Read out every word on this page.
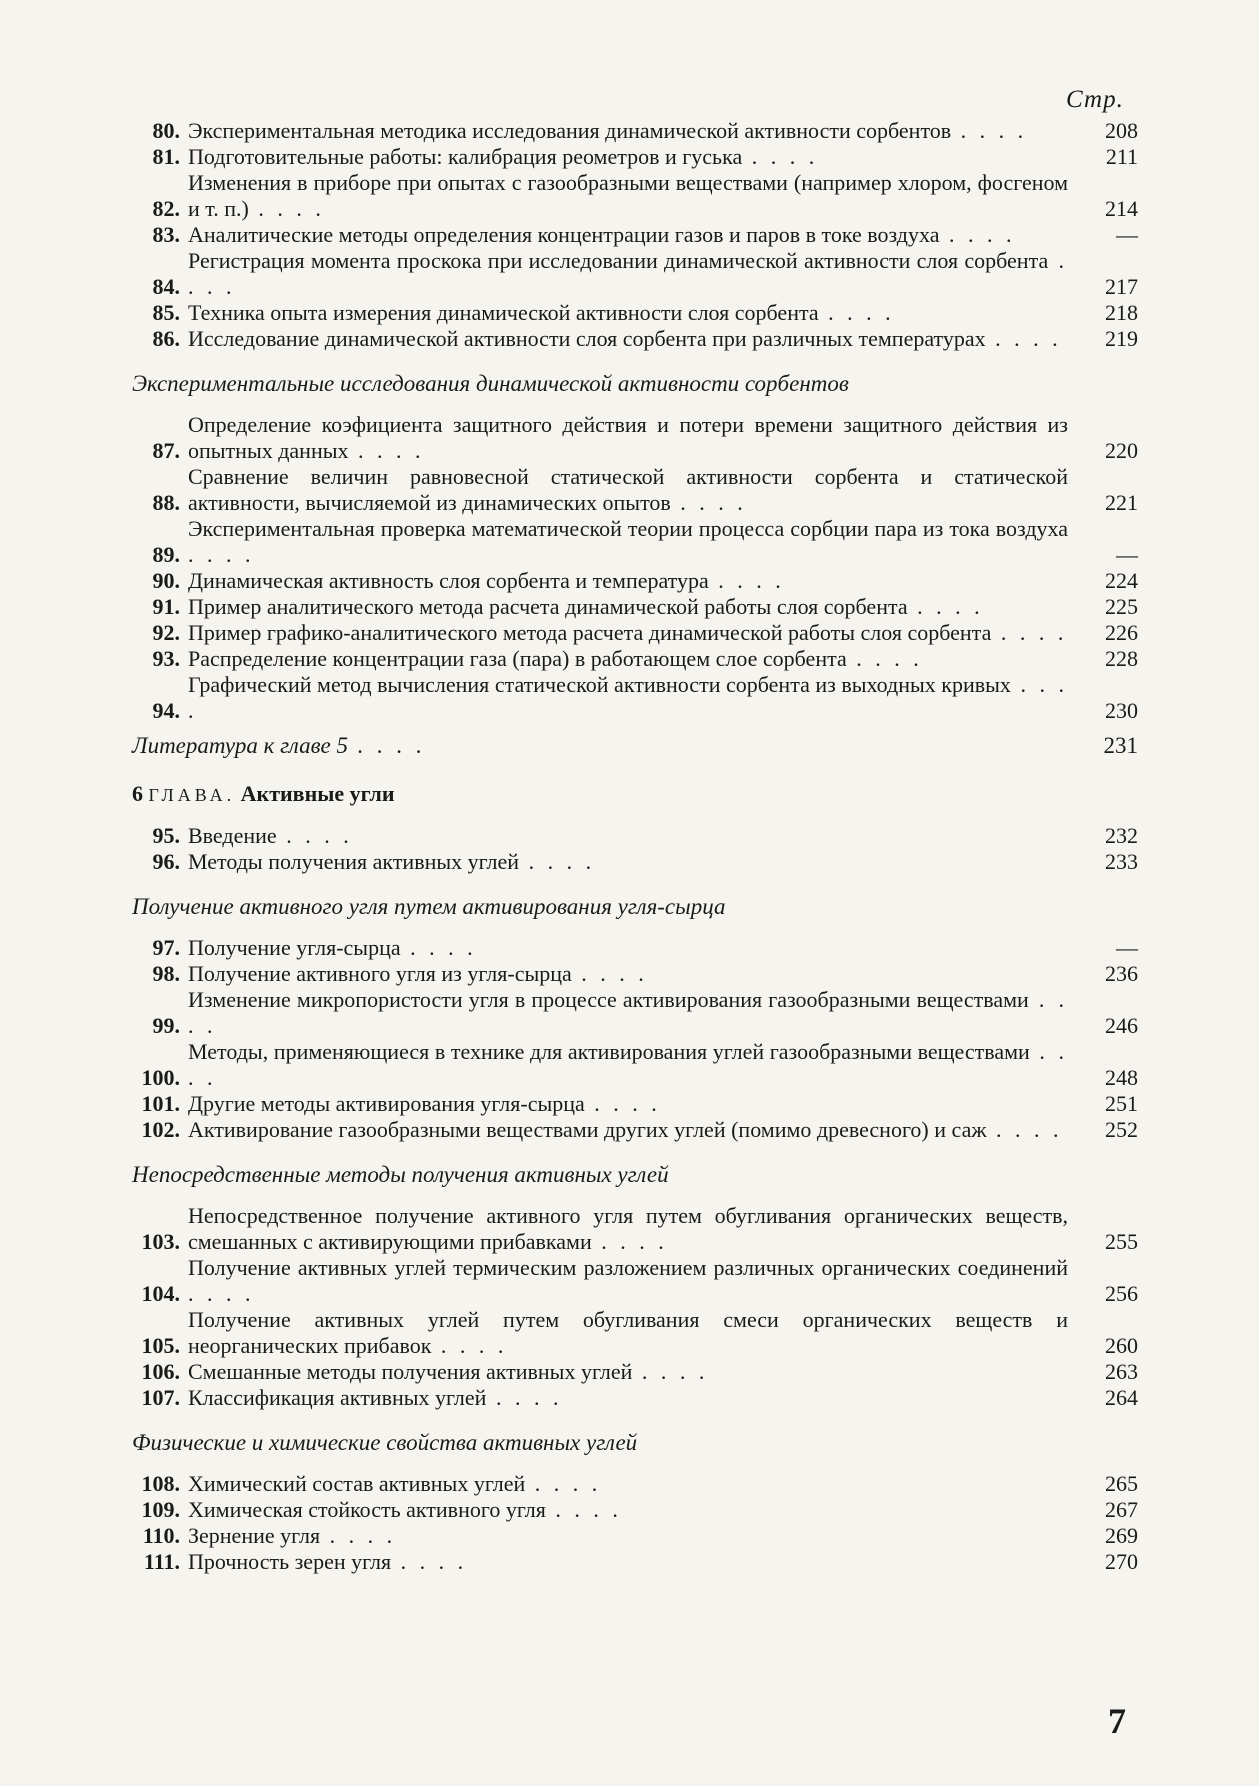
Стр.
80. Экспериментальная методика исследования динамической активности сорбентов . . . .	208
81. Подготовительные работы: калибрация реометров и гуська . . . .	211
82.
Изменения в приборе при опытах с газообразными веществами (например хлором, фосгеном и т. п.) . . . .	214
83. Аналитические методы определения концентрации газов и паров в токе воздуха . . . .	—
84.
Регистрация момента проскока при исследовании динамической активности слоя сорбента . . . .	217
85. Техника опыта измерения динамической активности слоя сорбента . . . .	218
86. Исследование динамической активности слоя сорбента при различных температурах . . . .	219
Экспериментальные исследования динамической активности сорбентов
87.
Определение коэфициента защитного действия и потери времени защитного действия из опытных данных . . . .	220
88.
Сравнение величин равновесной статической активности сорбента и статической активности, вычисляемой из динамических опытов . . . .	221
89.
Экспериментальная проверка математической теории процесса сорбции пара из тока воздуха . . . .	—
90. Динамическая активность слоя сорбента и температура . . . .	224
91. Пример аналитического метода расчета динамической работы слоя сорбента . . . .	225
92. Пример графико-аналитического метода расчета динамической работы слоя сорбента . . . .	226
93. Распределение концентрации газа (пара) в работающем слое сорбента . . . .	228
94.
Графический метод вычисления статической активности сорбента из выходных кривых . . . .	230
Литература к главе 5 . . . .	231
6 ГЛАВА. Активные угли
95. Введение . . . .	232
96. Методы получения активных углей . . . .	233
Получение активного угля путем активирования угля-сырца
97. Получение угля-сырца . . . .	—
98. Получение активного угля из угля-сырца . . . .	236
99.
Изменение микропористости угля в процессе активирования газообразными веществами . . . .	246
100.
Методы, применяющиеся в технике для активирования углей газообразными веществами . . . .	248
101. Другие методы активирования угля-сырца . . . .	251
102. Активирование газообразными веществами других углей (помимо древесного) и саж . . . .	252
Непосредственные методы получения активных углей
103.
Непосредственное получение активного угля путем обугливания органических веществ, смешанных с активирующими прибавками . . . .	255
104.
Получение активных углей термическим разложением различных органических соединений . . . .	256
105.
Получение активных углей путем обугливания смеси органических веществ и неорганических прибавок . . . .	260
106. Смешанные методы получения активных углей . . . .	263
107. Классификация активных углей . . . .	264
Физические и химические свойства активных углей
108. Химический состав активных углей . . . .	265
109. Химическая стойкость активного угля . . . .	267
110. Зернение угля . . . .	269
111. Прочность зерен угля . . . .	270
7
